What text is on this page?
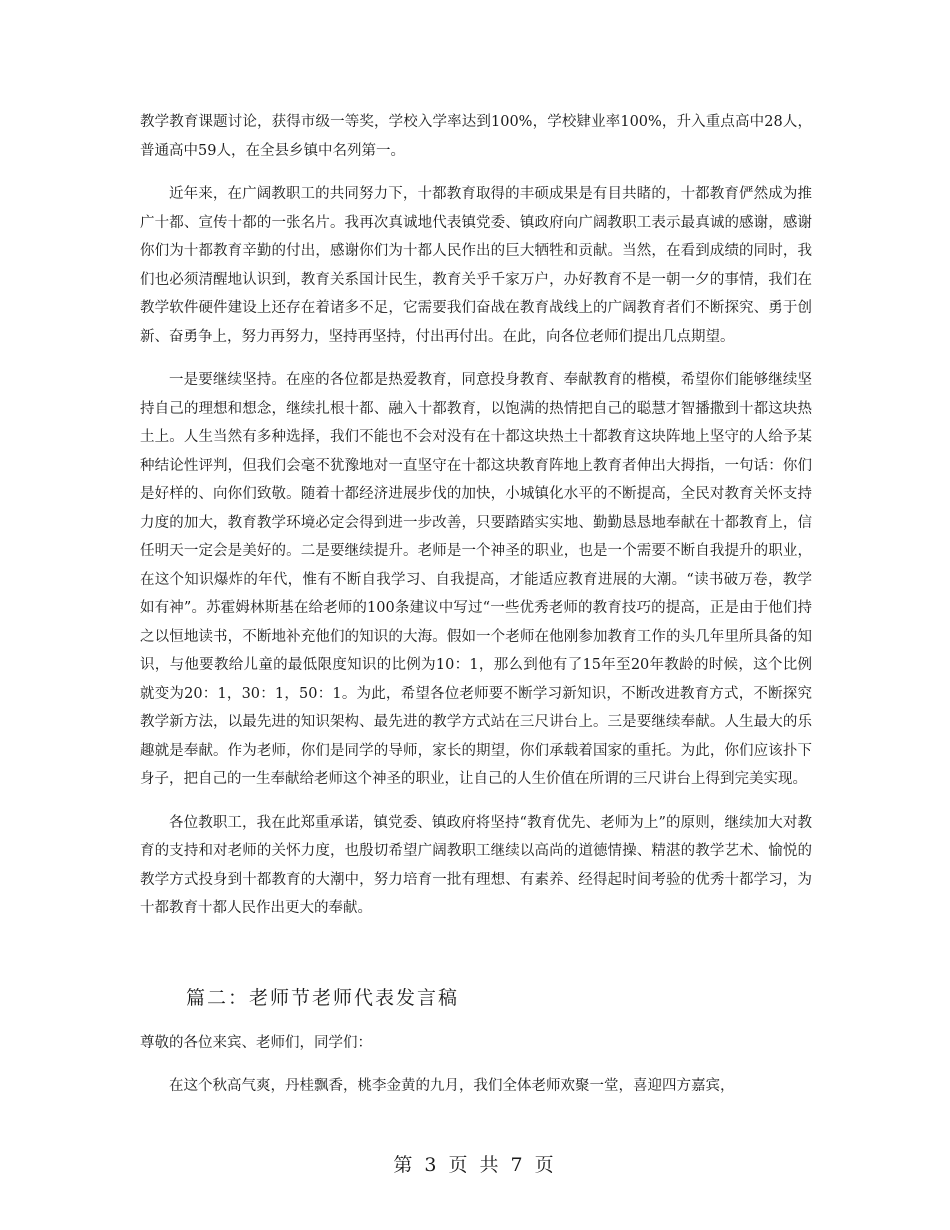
教学教育课题讨论，获得市级一等奖，学校入学率达到100%，学校肄业率100%，升入重点高中28人，普通高中59人，在全县乡镇中名列第一。

近年来，在广阔教职工的共同努力下，十都教育取得的丰硕成果是有目共睹的，十都教育俨然成为推广十都、宣传十都的一张名片。我再次真诚地代表镇党委、镇政府向广阔教职工表示最真诚的感谢，感谢你们为十都教育辛勤的付出，感谢你们为十都人民作出的巨大牺牲和贡献。当然，在看到成绩的同时，我们也必须清醒地认识到，教育关系国计民生，教育关乎千家万户，办好教育不是一朝一夕的事情，我们在教学软件硬件建设上还存在着诸多不足，它需要我们奋战在教育战线上的广阔教育者们不断探究、勇于创新、奋勇争上，努力再努力，坚持再坚持，付出再付出。在此，向各位老师们提出几点期望。

一是要继续坚持。在座的各位都是热爱教育，同意投身教育、奉献教育的楷模，希望你们能够继续坚持自己的理想和想念，继续扎根十都、融入十都教育，以饱满的热情把自己的聪慧才智播撒到十都这块热土上。人生当然有多种选择，我们不能也不会对没有在十都这块热土十都教育这块阵地上坚守的人给予某种结论性评判，但我们会毫不犹豫地对一直坚守在十都这块教育阵地上教育者伸出大拇指，一句话：你们是好样的、向你们致敬。随着十都经济进展步伐的加快，小城镇化水平的不断提高，全民对教育关怀支持力度的加大，教育教学环境必定会得到进一步改善，只要踏踏实实地、勤勤恳恳地奉献在十都教育上，信任明天一定会是美好的。二是要继续提升。老师是一个神圣的职业，也是一个需要不断自我提升的职业，在这个知识爆炸的年代，惟有不断自我学习、自我提高，才能适应教育进展的大潮。“读书破万卷，教学如有神”。苏霍姆林斯基在给老师的100条建议中写过“一些优秀老师的教育技巧的提高，正是由于他们持之以恒地读书，不断地补充他们的知识的大海。假如一个老师在他刚参加教育工作的头几年里所具备的知识，与他要教给儿童的最低限度知识的比例为10：1，那么到他有了15年至20年教龄的时候，这个比例就变为20：1，30：1，50：1。为此，希望各位老师要不断学习新知识，不断改进教育方式，不断探究教学新方法，以最先进的知识架构、最先进的教学方式站在三尺讲台上。三是要继续奉献。人生最大的乐趣就是奉献。作为老师，你们是同学的导师，家长的期望，你们承载着国家的重托。为此，你们应该扑下身子，把自己的一生奉献给老师这个神圣的职业，让自己的人生价值在所谓的三尺讲台上得到完美实现。

各位教职工，我在此郑重承诺，镇党委、镇政府将坚持“教育优先、老师为上”的原则，继续加大对教育的支持和对老师的关怀力度，也殷切希望广阔教职工继续以高尚的道德情操、精湛的教学艺术、愉悦的教学方式投身到十都教育的大潮中，努力培育一批有理想、有素养、经得起时间考验的优秀十都学习，为十都教育十都人民作出更大的奉献。

篇二：老师节老师代表发言稿

尊敬的各位来宾、老师们，同学们：

在这个秋高气爽，丹桂飘香，桃李金黄的九月，我们全体老师欢聚一堂，喜迎四方嘉宾，

第 3 页 共 7 页
